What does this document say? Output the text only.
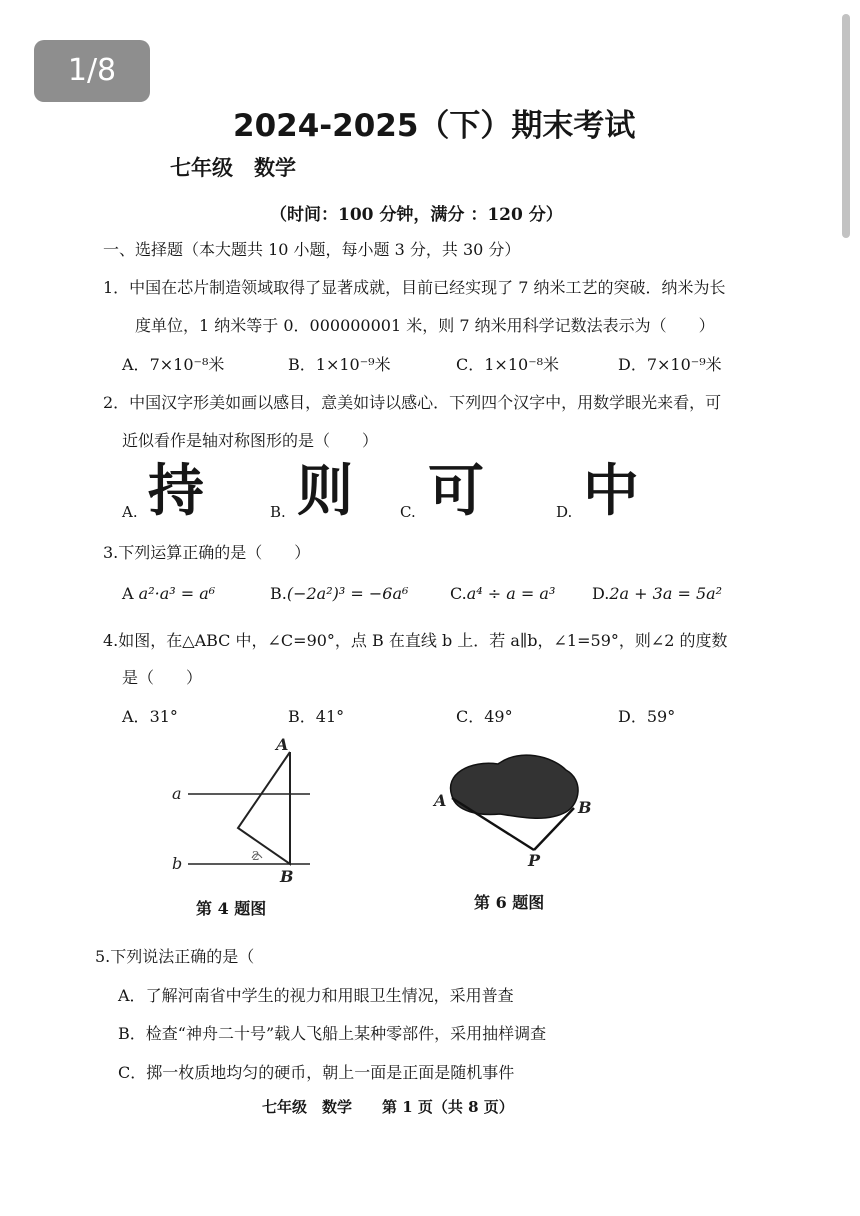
1/8
2024-2025（下）期末考试
七年级　数学
（时间：100 分钟，满分 ：120 分）
一、选择题（本大题共 10 小题，每小题 3 分，共 30 分）
1．中国在芯片制造领域取得了显著成就，目前已经实现了 7 纳米工艺的突破．纳米为长
度单位，1 纳米等于 0．000000001 米，则 7 纳米用科学记数法表示为（　　）
A．7×10⁻⁸米	B．1×10⁻⁹米	C．1×10⁻⁸米	D．7×10⁻⁹米
2．中国汉字形美如画以感目，意美如诗以感心．下列四个汉字中，用数学眼光来看，可
近似看作是轴对称图形的是（　　）
A. 持	B. 则	C. 可	D. 中
3.下列运算正确的是（　　）
A a²·a³ = a⁶	B.(−2a²)³ = −6a⁶	C.a⁴ ÷ a = a³ D.2a + 3a = 5a²
4.如图，在△ABC 中，∠C=90°，点 B 在直线 b 上．若 a∥b，∠1=59°，则∠2 的度数
是（　　）
A．31°	B．41°	C．49°	D．59°
A
B
a
b	2
A	B
P
第 4 题图	第 6 题图
5.下列说法正确的是（
A．了解河南省中学生的视力和用眼卫生情况，采用普查
B．检查“神舟二十号”载人飞船上某种零部件，采用抽样调查
C．掷一枚质地均匀的硬币，朝上一面是正面是随机事件
七年级　数学　　第 1 页（共 8 页）
